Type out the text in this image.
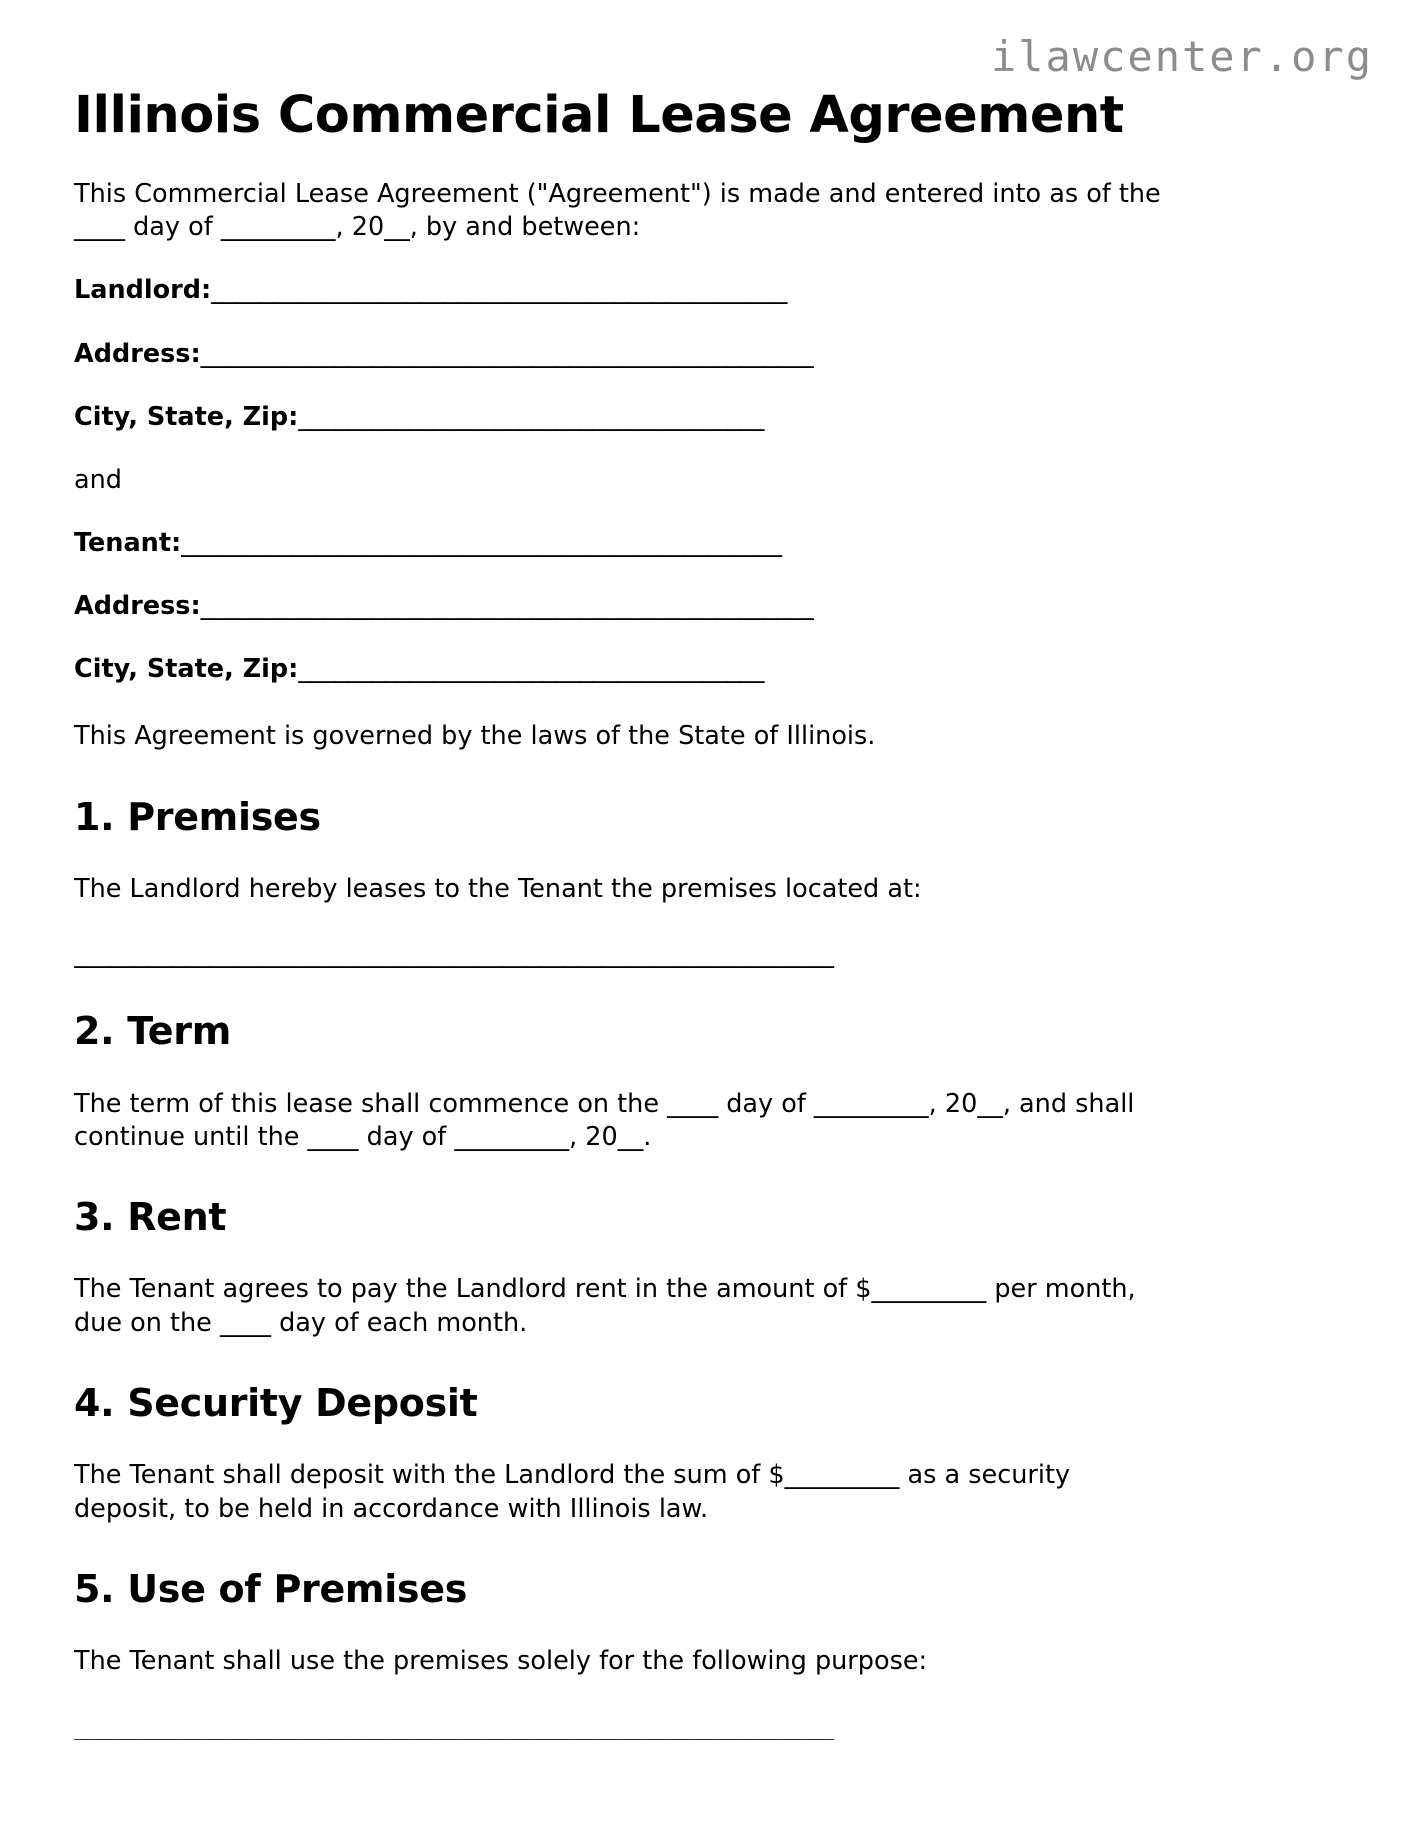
ilawcenter.org
Illinois Commercial Lease Agreement

This Commercial Lease Agreement ("Agreement") is made and entered into as of the ____ day of _________, 20__, by and between:

Landlord:_______________________________________________
Address:__________________________________________________
City, State, Zip:______________________________________
and
Tenant:_________________________________________________
Address:__________________________________________________
City, State, Zip:______________________________________

This Agreement is governed by the laws of the State of Illinois.

1. Premises

The Landlord hereby leases to the Tenant the premises located at:

______________________________________________________________
2. Term

The term of this lease shall commence on the ____ day of _________, 20__, and shall continue until the ____ day of _________, 20__.

3. Rent

The Tenant agrees to pay the Landlord rent in the amount of $_________ per month, due on the ____ day of each month.

4. Security Deposit

The Tenant shall deposit with the Landlord the sum of $_________ as a security deposit, to be held in accordance with Illinois law.

5. Use of Premises

The Tenant shall use the premises solely for the following purpose:

______________________________________________________________
